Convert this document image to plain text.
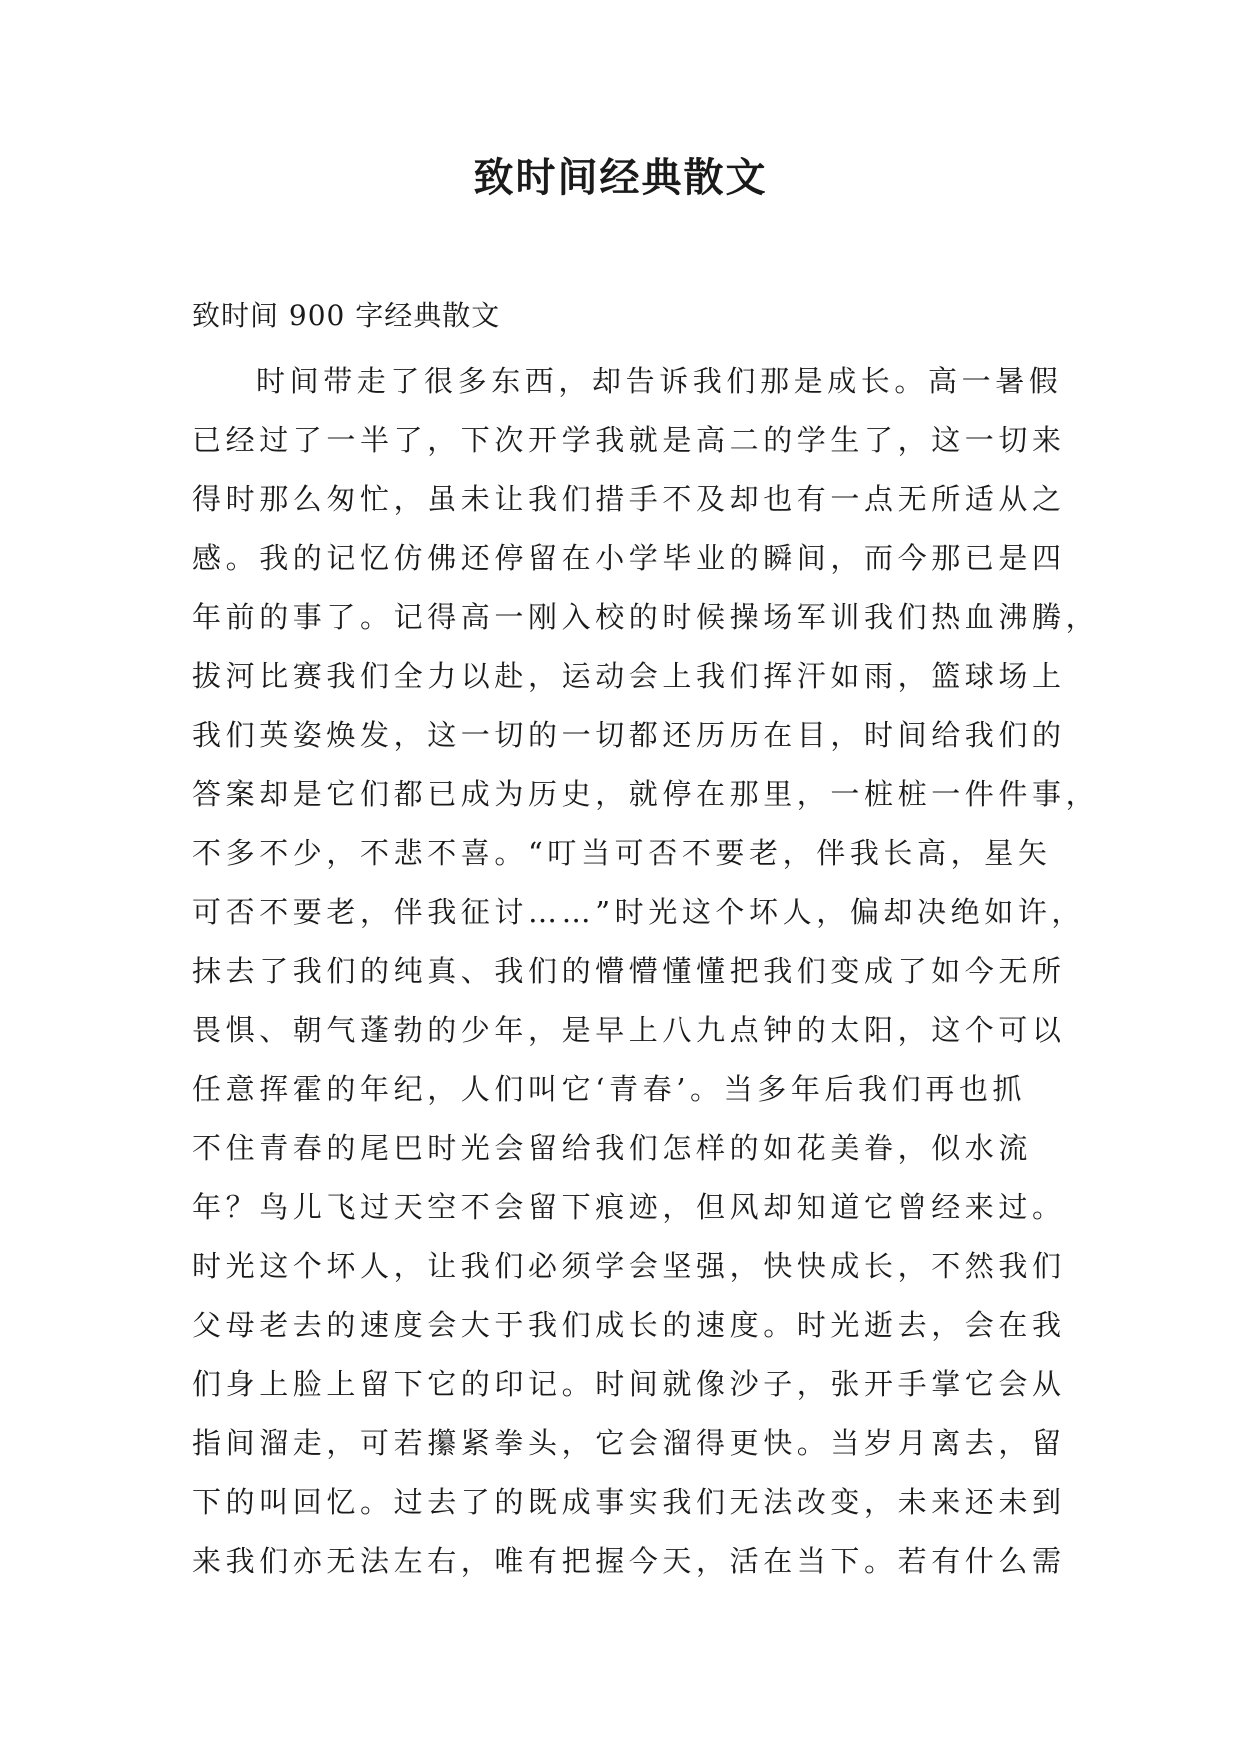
致时间经典散文

致时间 900 字经典散文

时间带走了很多东西，却告诉我们那是成长。高一暑假
已经过了一半了，下次开学我就是高二的学生了，这一切来
得时那么匆忙，虽未让我们措手不及却也有一点无所适从之
感。我的记忆仿佛还停留在小学毕业的瞬间，而今那已是四
年前的事了。记得高一刚入校的时候操场军训我们热血沸腾，
拔河比赛我们全力以赴，运动会上我们挥汗如雨，篮球场上
我们英姿焕发，这一切的一切都还历历在目，时间给我们的
答案却是它们都已成为历史，就停在那里，一桩桩一件件事，
不多不少，不悲不喜。“叮当可否不要老，伴我长高，星矢
可否不要老，伴我征讨……”时光这个坏人，偏却决绝如许，
抹去了我们的纯真、我们的懵懵懂懂把我们变成了如今无所
畏惧、朝气蓬勃的少年，是早上八九点钟的太阳，这个可以
任意挥霍的年纪，人们叫它‘青春’。当多年后我们再也抓
不住青春的尾巴时光会留给我们怎样的如花美眷，似水流
年？鸟儿飞过天空不会留下痕迹，但风却知道它曾经来过。
时光这个坏人，让我们必须学会坚强，快快成长，不然我们
父母老去的速度会大于我们成长的速度。时光逝去，会在我
们身上脸上留下它的印记。时间就像沙子，张开手掌它会从
指间溜走，可若攥紧拳头，它会溜得更快。当岁月离去，留
下的叫回忆。过去了的既成事实我们无法改变，未来还未到
来我们亦无法左右，唯有把握今天，活在当下。若有什么需
